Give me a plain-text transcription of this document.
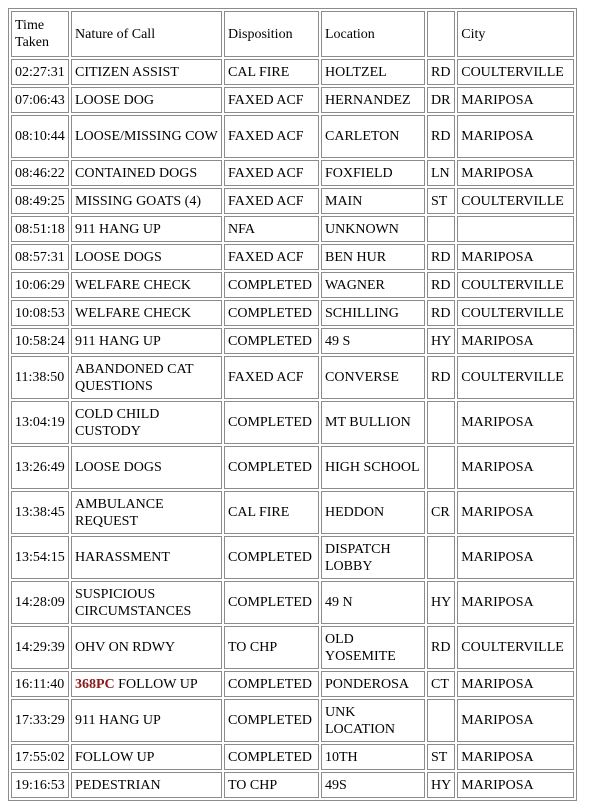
Time Taken	Nature of Call	Disposition	Location		City
02:27:31	CITIZEN ASSIST	CAL FIRE	HOLTZEL	RD	COULTERVILLE
07:06:43	LOOSE DOG	FAXED ACF	HERNANDEZ	DR	MARIPOSA
08:10:44	LOOSE/MISSING COW	FAXED ACF	CARLETON	RD	MARIPOSA
08:46:22	CONTAINED DOGS	FAXED ACF	FOXFIELD	LN	MARIPOSA
08:49:25	MISSING GOATS (4)	FAXED ACF	MAIN	ST	COULTERVILLE
08:51:18	911 HANG UP	NFA	UNKNOWN		
08:57:31	LOOSE DOGS	FAXED ACF	BEN HUR	RD	MARIPOSA
10:06:29	WELFARE CHECK	COMPLETED	WAGNER	RD	COULTERVILLE
10:08:53	WELFARE CHECK	COMPLETED	SCHILLING	RD	COULTERVILLE
10:58:24	911 HANG UP	COMPLETED	49 S	HY	MARIPOSA
11:38:50	ABANDONED CAT QUESTIONS	FAXED ACF	CONVERSE	RD	COULTERVILLE
13:04:19	COLD CHILD CUSTODY	COMPLETED	MT BULLION		MARIPOSA
13:26:49	LOOSE DOGS	COMPLETED	HIGH SCHOOL		MARIPOSA
13:38:45	AMBULANCE REQUEST	CAL FIRE	HEDDON	CR	MARIPOSA
13:54:15	HARASSMENT	COMPLETED	DISPATCH LOBBY		MARIPOSA
14:28:09	SUSPICIOUS CIRCUMSTANCES	COMPLETED	49 N	HY	MARIPOSA
14:29:39	OHV ON RDWY	TO CHP	OLD YOSEMITE	RD	COULTERVILLE
16:11:40	368PC FOLLOW UP	COMPLETED	PONDEROSA	CT	MARIPOSA
17:33:29	911 HANG UP	COMPLETED	UNK LOCATION		MARIPOSA
17:55:02	FOLLOW UP	COMPLETED	10TH	ST	MARIPOSA
19:16:53	PEDESTRIAN	TO CHP	49S	HY	MARIPOSA
